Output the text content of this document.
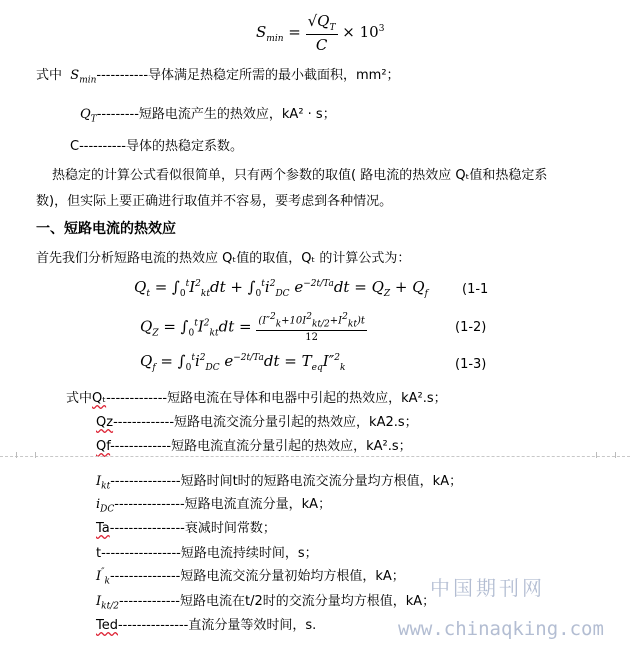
$S_{min} = \frac{√Q_T}{C} \times 10^3$
式中 $S_{min}-----------$导体满足热稳定所需的最小截面积，mm²；
$Q_T---------$短路电流产生的热效应，kA² · s；
C----------导体的热稳定系数。
热稳定的计算公式看似很简单，只有两个参数的取值( 路电流的热效应 Qₜ值和热稳定系
数)，但实际上要正确进行取值并不容易，要考虑到各种情况。
一、短路电流的热效应
首先我们分析短路电流的热效应 Qₜ值的取值，Qₜ 的计算公式为：
$Q_t = \int_0^tI^2_{kt}dt + \int_0^ti^2_{DC}$ $e^{-2t/Ta}dt = Q_Z + Q_f$	(1-1
$Q_Z = \int_0^tI^2_{kt}dt = \frac{(I''^2_k+10I^2_{kt/2}+I^2_{kt})t}{12}$	(1-2)
$Q_f = \int_0^ti^2_{DC}$ $e^{-2t/Ta}dt = T_{eq}I''^2_k$	(1-3)
式中Qₜ-------------短路电流在导体和电器中引起的热效应，kA².s；
Qz-------------短路电流交流分量引起的热效应，kA2.s；
Qf-------------短路电流直流分量引起的热效应，kA².s；
$I_{kt}---------------$短路时间t时的短路电流交流分量均方根值，kA；
$i_{DC}---------------$短路电流直流分量，kA；
Ta----------------衰减时间常数；
t-----------------短路电流持续时间，s；
$I''_k---------------$短路电流交流分量初始均方根值，kA；
$I_{kt/2}-------------$短路电流在t/2时的交流分量均方根值，kA；
Ted---------------直流分量等效时间，s.
中国期刊网
www.chinaqking.com
